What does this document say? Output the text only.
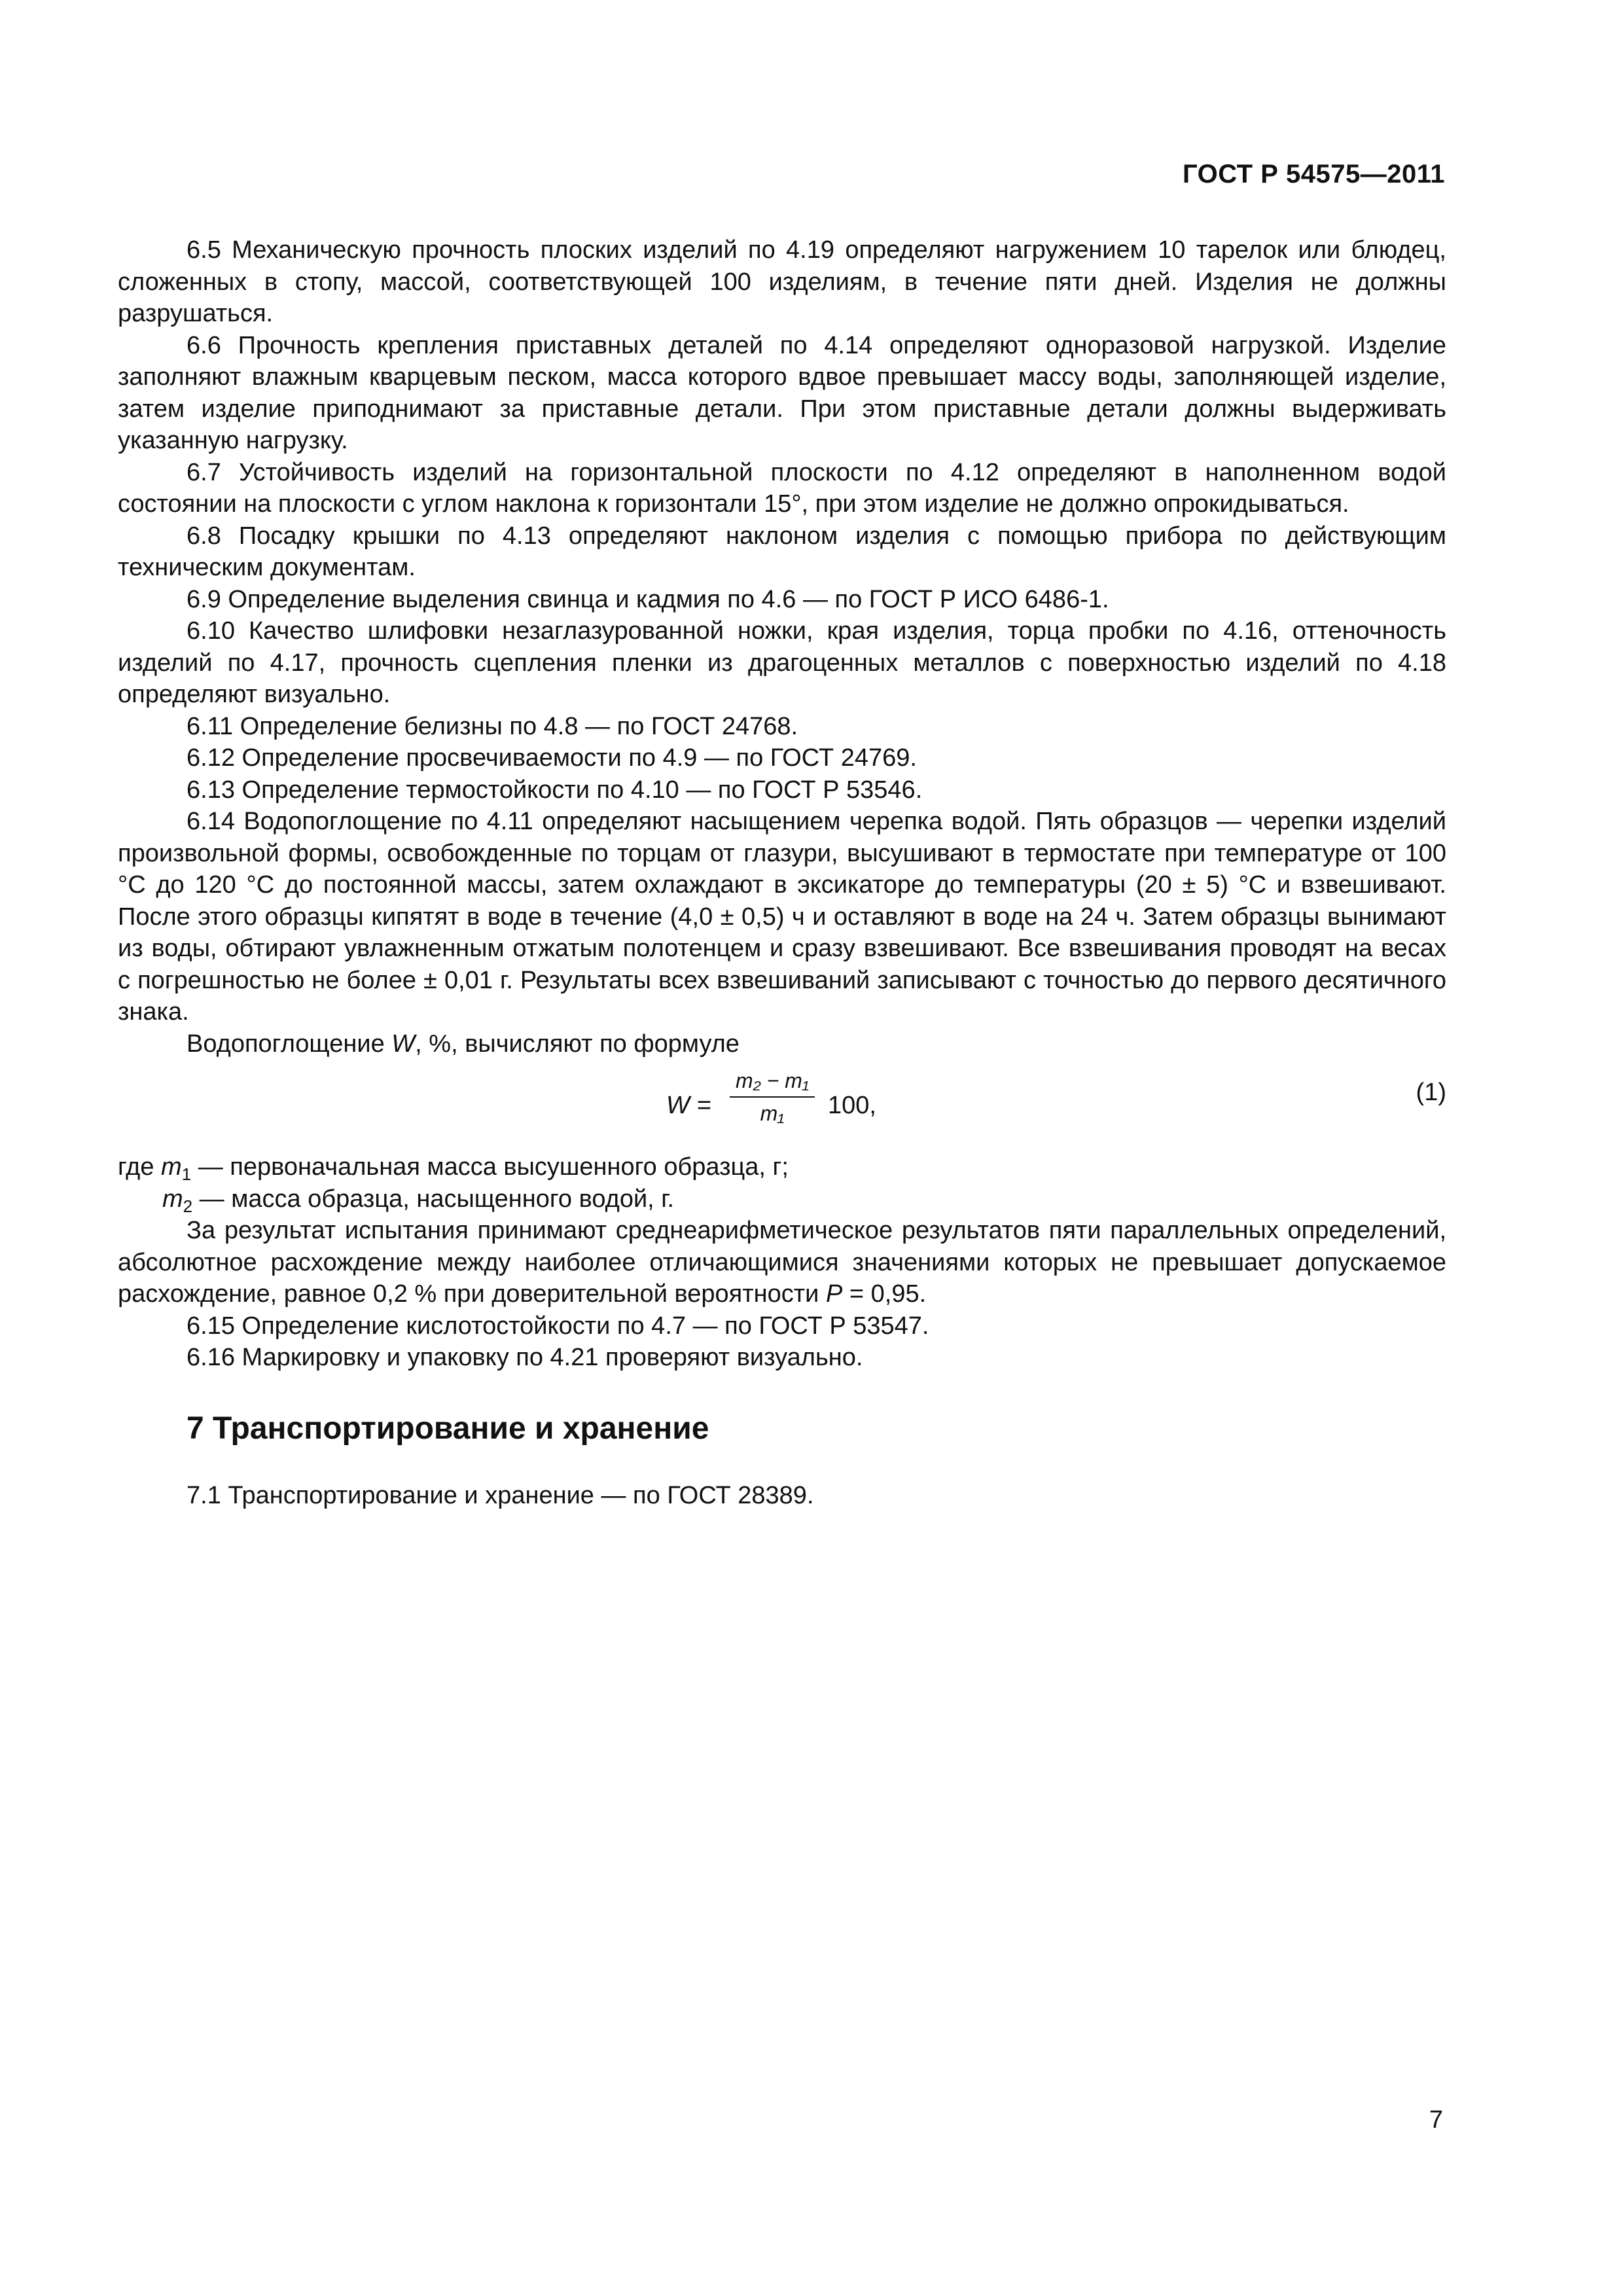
ГОСТ Р 54575—2011

6.5 Механическую прочность плоских изделий по 4.19 определяют нагружением 10 тарелок или блюдец, сложенных в стопу, массой, соответствующей 100 изделиям, в течение пяти дней. Изделия не должны разрушаться.

6.6 Прочность крепления приставных деталей по 4.14 определяют одноразовой нагрузкой. Изделие заполняют влажным кварцевым песком, масса которого вдвое превышает массу воды, заполняющей изделие, затем изделие приподнимают за приставные детали. При этом приставные детали должны выдерживать указанную нагрузку.

6.7 Устойчивость изделий на горизонтальной плоскости по 4.12 определяют в наполненном водой состоянии на плоскости с углом наклона к горизонтали 15°, при этом изделие не должно опрокидываться.

6.8 Посадку крышки по 4.13 определяют наклоном изделия с помощью прибора по действующим техническим документам.

6.9 Определение выделения свинца и кадмия по 4.6 — по ГОСТ Р ИСО 6486-1.

6.10 Качество шлифовки незаглазурованной ножки, края изделия, торца пробки по 4.16, оттеночность изделий по 4.17, прочность сцепления пленки из драгоценных металлов с поверхностью изделий по 4.18 определяют визуально.

6.11 Определение белизны по 4.8 — по ГОСТ 24768.

6.12 Определение просвечиваемости по 4.9 — по ГОСТ 24769.

6.13 Определение термостойкости по 4.10 — по ГОСТ Р 53546.

6.14 Водопоглощение по 4.11 определяют насыщением черепка водой. Пять образцов — черепки изделий произвольной формы, освобожденные по торцам от глазури, высушивают в термостате при температуре от 100 °С до 120 °С до постоянной массы, затем охлаждают в эксикаторе до температуры (20 ± 5) °С и взвешивают. После этого образцы кипятят в воде в течение (4,0 ± 0,5) ч и оставляют в воде на 24 ч. Затем образцы вынимают из воды, обтирают увлажненным отжатым полотенцем и сразу взвешивают. Все взвешивания проводят на весах с погрешностью не более ± 0,01 г. Результаты всех взвешиваний записывают с точностью до первого десятичного знака.

Водопоглощение W, %, вычисляют по формуле

W =
m₂ − m₁
m₁	100,	(1)

где $m_1$ — первоначальная масса высушенного образца, г;

$m_2$ — масса образца, насыщенного водой, г.

За результат испытания принимают среднеарифметическое результатов пяти параллельных определений, абсолютное расхождение между наиболее отличающимися значениями которых не превышает допускаемое расхождение, равное 0,2 % при доверительной вероятности Р = 0,95.

6.15 Определение кислотостойкости по 4.7 — по ГОСТ Р 53547.

6.16 Маркировку и упаковку по 4.21 проверяют визуально.

7 Транспортирование и хранение

7.1 Транспортирование и хранение — по ГОСТ 28389.

7
